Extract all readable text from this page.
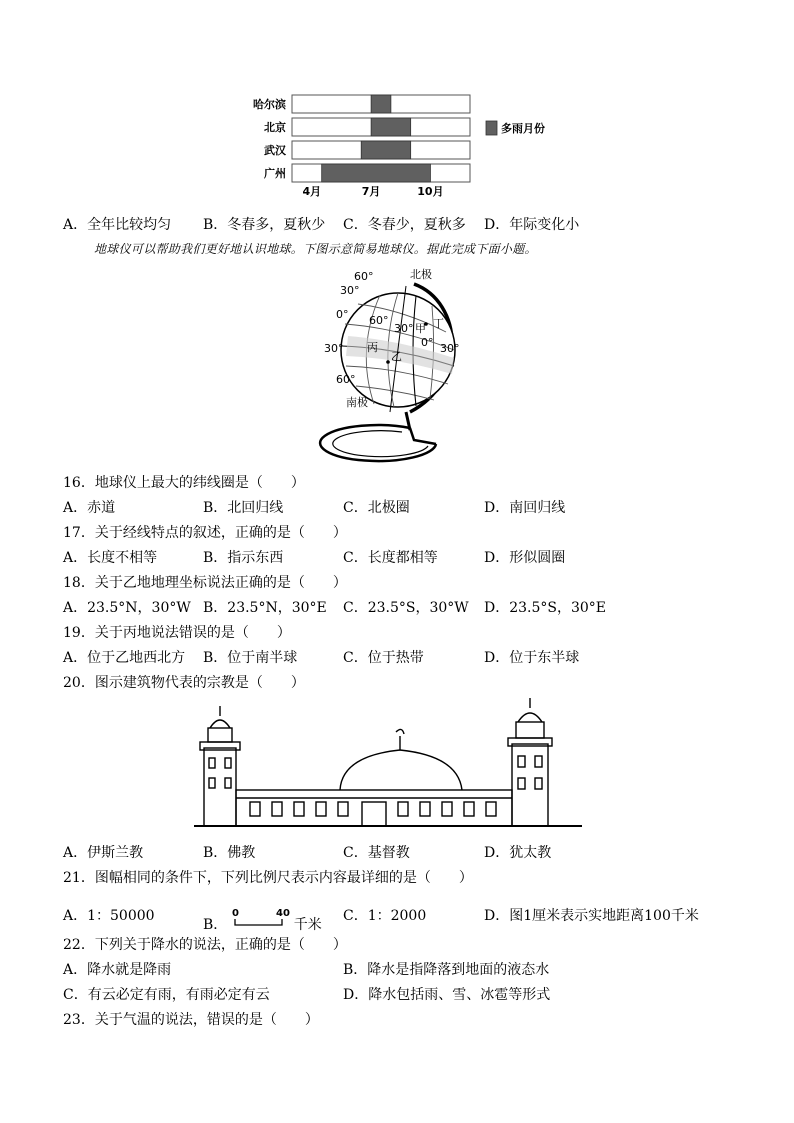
哈尔滨
北京
武汉
广州
4月	7月	10月
多雨月份
A．全年比较均匀 B．冬春多，夏秋少 C．冬春少，夏秋多 D．年际变化小
地球仪可以帮助我们更好地认识地球。下图示意简易地球仪。据此完成下面小题。
北极
南极
60°
30°
0° 60°
30° 甲 丁
0° 30°
丙
乙
30°
60°
16．地球仪上最大的纬线圈是（　　）
A．赤道	B．北回归线	C．北极圈	D．南回归线
17．关于经线特点的叙述，正确的是（　　）
A．长度不相等	B．指示东西	C．长度都相等	D．形似圆圈
18．关于乙地地理坐标说法正确的是（　　）
A．23.5°N，30°W B．23.5°N，30°E C．23.5°S，30°W D．23.5°S，30°E
19．关于丙地说法错误的是（　　）
A．位于乙地西北方 B．位于南半球	C．位于热带	D．位于东半球
20．图示建筑物代表的宗教是（　　）
A．伊斯兰教	B．佛教	C．基督教	D．犹太教
21．图幅相同的条件下，下列比例尺表示内容最详细的是（　　）
A．1：50000
B．
0	40
千米
C．1：2000	D．图1厘米表示实地距离100千米
22．下列关于降水的说法，正确的是（　　）
A．降水就是降雨	B．降水是指降落到地面的液态水
C．有云必定有雨，有雨必定有云	D．降水包括雨、雪、冰雹等形式
23．关于气温的说法，错误的是（　　）
